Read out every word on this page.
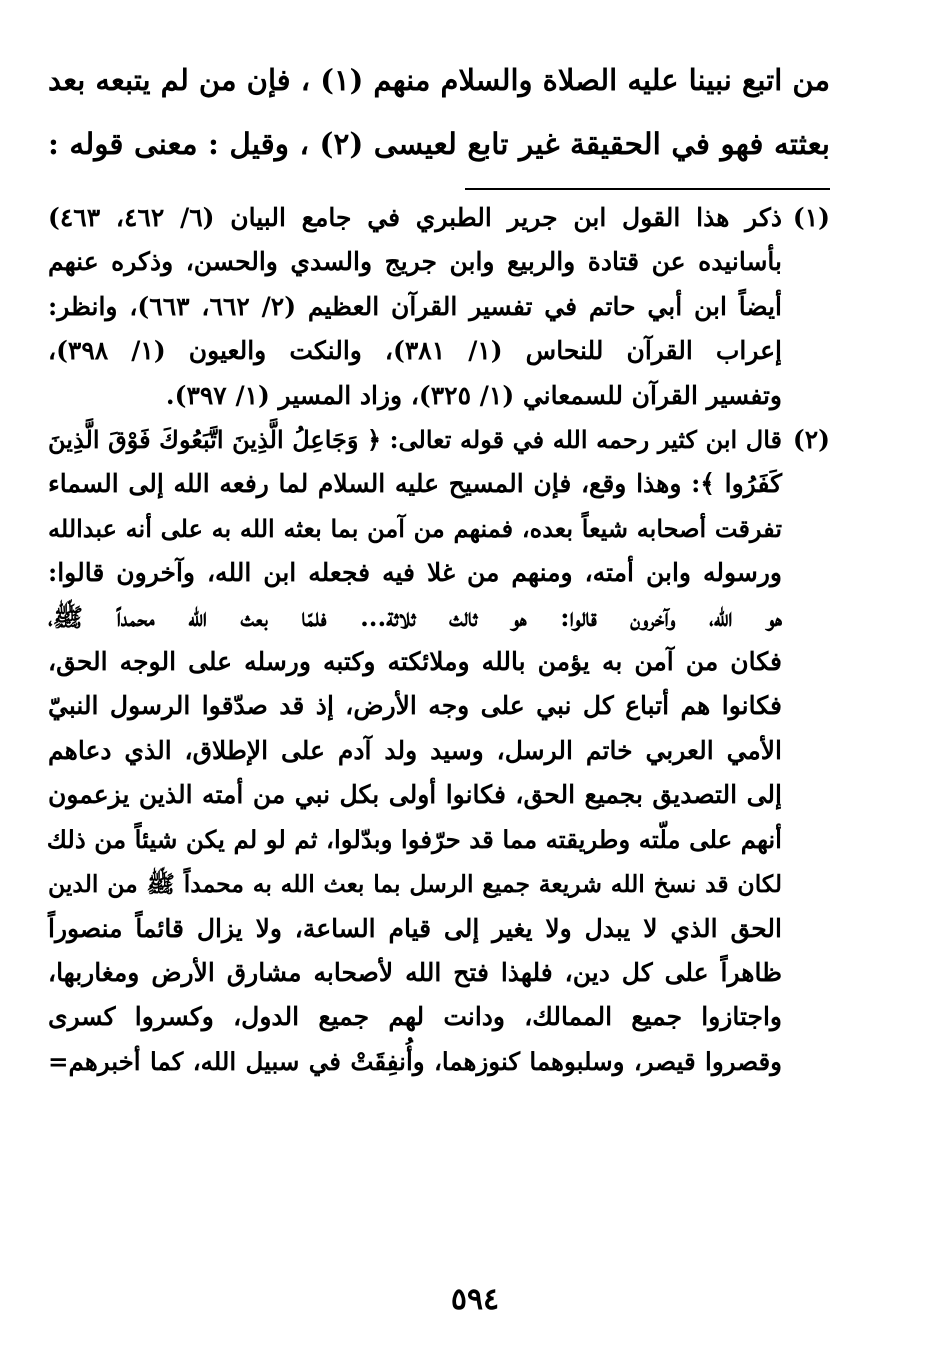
من اتبع نبينا عليه الصلاة والسلام منهم (١) ، فإن من لم يتبعه بعد

بعثته فهو في الحقيقة غير تابع لعيسى (٢) ، وقيل : معنى قوله :

(١)

ذكر هذا القول ابن جرير الطبري في جامع البيان (٦/ ٤٦٢، ٤٦٣)

بأسانيده عن قتادة والربيع وابن جريج والسدي والحسن، وذكره عنهم

أيضاً ابن أبي حاتم في تفسير القرآن العظيم (٢/ ٦٦٢، ٦٦٣)، وانظر:

إعراب القرآن للنحاس (١/ ٣٨١)، والنكت والعيون (١/ ٣٩٨)،

وتفسير القرآن للسمعاني (١/ ٣٢٥)، وزاد المسير (١/ ٣٩٧).

(٢)

قال ابن كثير رحمه الله في قوله تعالى: ﴿ وَجَاعِلُ الَّذِينَ اتَّبَعُوكَ فَوْقَ الَّذِينَ

كَفَرُوا ﴾: وهذا وقع، فإن المسيح عليه السلام لما رفعه الله إلى السماء

تفرقت أصحابه شيعاً بعده، فمنهم من آمن بما بعثه الله به على أنه عبدالله

ورسوله وابن أمته، ومنهم من غلا فيه فجعله ابن الله، وآخرون قالوا:

هو الله، وآخرون قالوا: هو ثالث ثلاثة... فلمّا بعث الله محمداً ﷺ،

فكان من آمن به يؤمن بالله وملائكته وكتبه ورسله على الوجه الحق،

فكانوا هم أتباع كل نبي على وجه الأرض، إذ قد صدّقوا الرسول النبيّ

الأمي العربي خاتم الرسل، وسيد ولد آدم على الإطلاق، الذي دعاهم

إلى التصديق بجميع الحق، فكانوا أولى بكل نبي من أمته الذين يزعمون

أنهم على ملّته وطريقته مما قد حرّفوا وبدّلوا، ثم لو لم يكن شيئاً من ذلك

لكان قد نسخ الله شريعة جميع الرسل بما بعث الله به محمداً ﷺ من الدين

الحق الذي لا يبدل ولا يغير إلى قيام الساعة، ولا يزال قائماً منصوراً

ظاهراً على كل دين، فلهذا فتح الله لأصحابه مشارق الأرض ومغاربها،

واجتازوا جميع الممالك، ودانت لهم جميع الدول، وكسروا كسرى

وقصروا قيصر، وسلبوهما كنوزهما، وأُنفِقَتْ في سبيل الله، كما أخبرهم=

٥٩٤
